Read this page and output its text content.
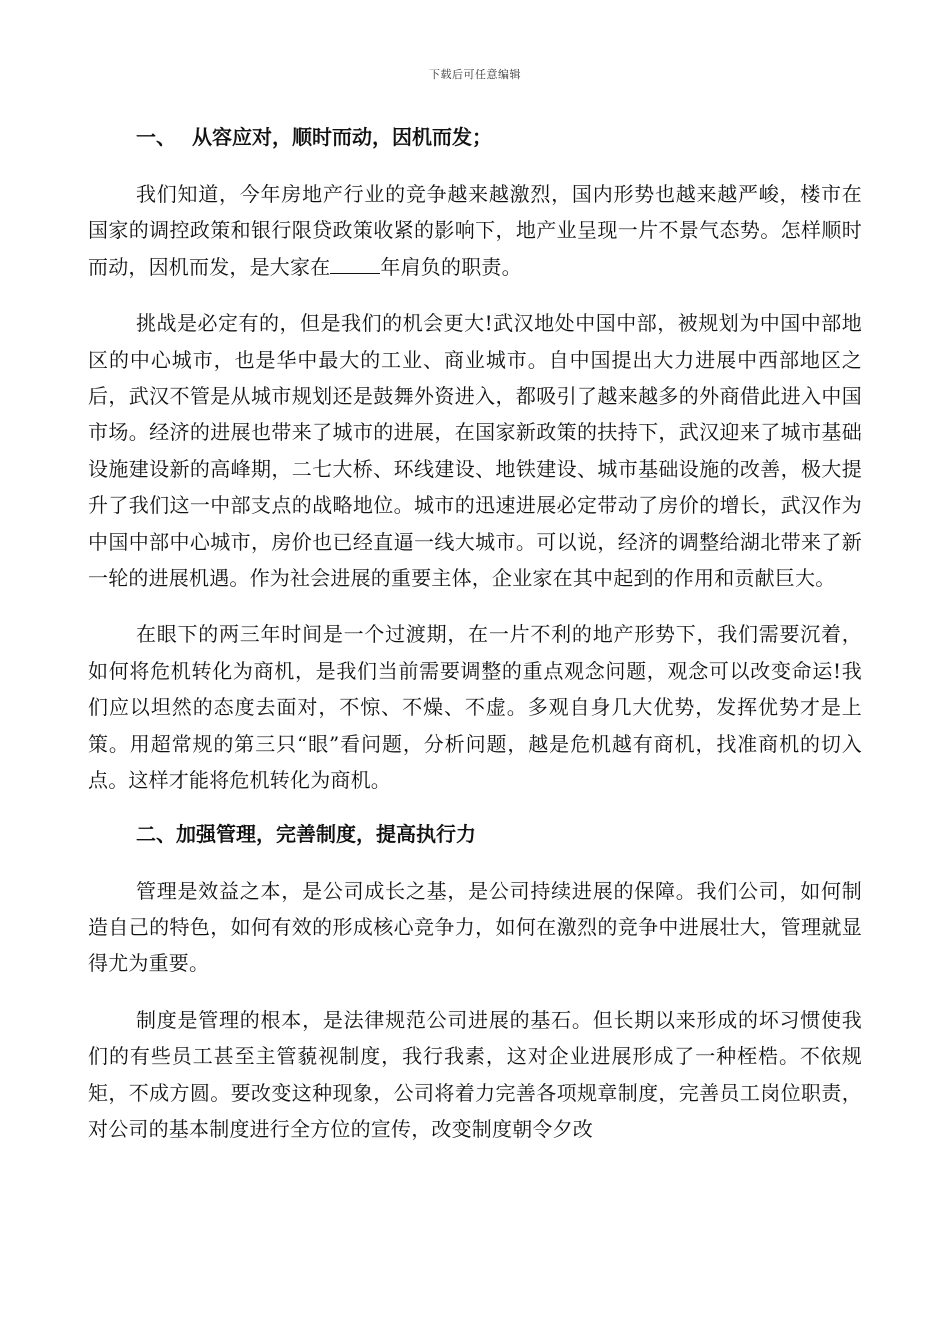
下载后可任意编辑
一、 从容应对，顺时而动，因机而发；

我们知道，今年房地产行业的竞争越来越激烈，国内形势也越来越严峻，楼市在国家的调控政策和银行限贷政策收紧的影响下，地产业呈现一片不景气态势。怎样顺时而动，因机而发，是大家在	年肩负的职责。

挑战是必定有的，但是我们的机会更大!武汉地处中国中部，被规划为中国中部地区的中心城市，也是华中最大的工业、商业城市。自中国提出大力进展中西部地区之后，武汉不管是从城市规划还是鼓舞外资进入，都吸引了越来越多的外商借此进入中国市场。经济的进展也带来了城市的进展，在国家新政策的扶持下，武汉迎来了城市基础设施建设新的高峰期，二七大桥、环线建设、地铁建设、城市基础设施的改善，极大提升了我们这一中部支点的战略地位。城市的迅速进展必定带动了房价的增长，武汉作为中国中部中心城市，房价也已经直逼一线大城市。可以说，经济的调整给湖北带来了新一轮的进展机遇。作为社会进展的重要主体，企业家在其中起到的作用和贡献巨大。

在眼下的两三年时间是一个过渡期，在一片不利的地产形势下，我们需要沉着，如何将危机转化为商机，是我们当前需要调整的重点观念问题，观念可以改变命运!我们应以坦然的态度去面对，不惊、不燥、不虚。多观自身几大优势，发挥优势才是上策。用超常规的第三只“眼”看问题，分析问题，越是危机越有商机，找准商机的切入点。这样才能将危机转化为商机。

二、加强管理，完善制度，提高执行力

管理是效益之本，是公司成长之基，是公司持续进展的保障。我们公司，如何制造自己的特色，如何有效的形成核心竞争力，如何在激烈的竞争中进展壮大，管理就显得尤为重要。

制度是管理的根本，是法律规范公司进展的基石。但长期以来形成的坏习惯使我们的有些员工甚至主管藐视制度，我行我素，这对企业进展形成了一种桎梏。不依规矩，不成方圆。要改变这种现象，公司将着力完善各项规章制度，完善员工岗位职责，对公司的基本制度进行全方位的宣传，改变制度朝令夕改
